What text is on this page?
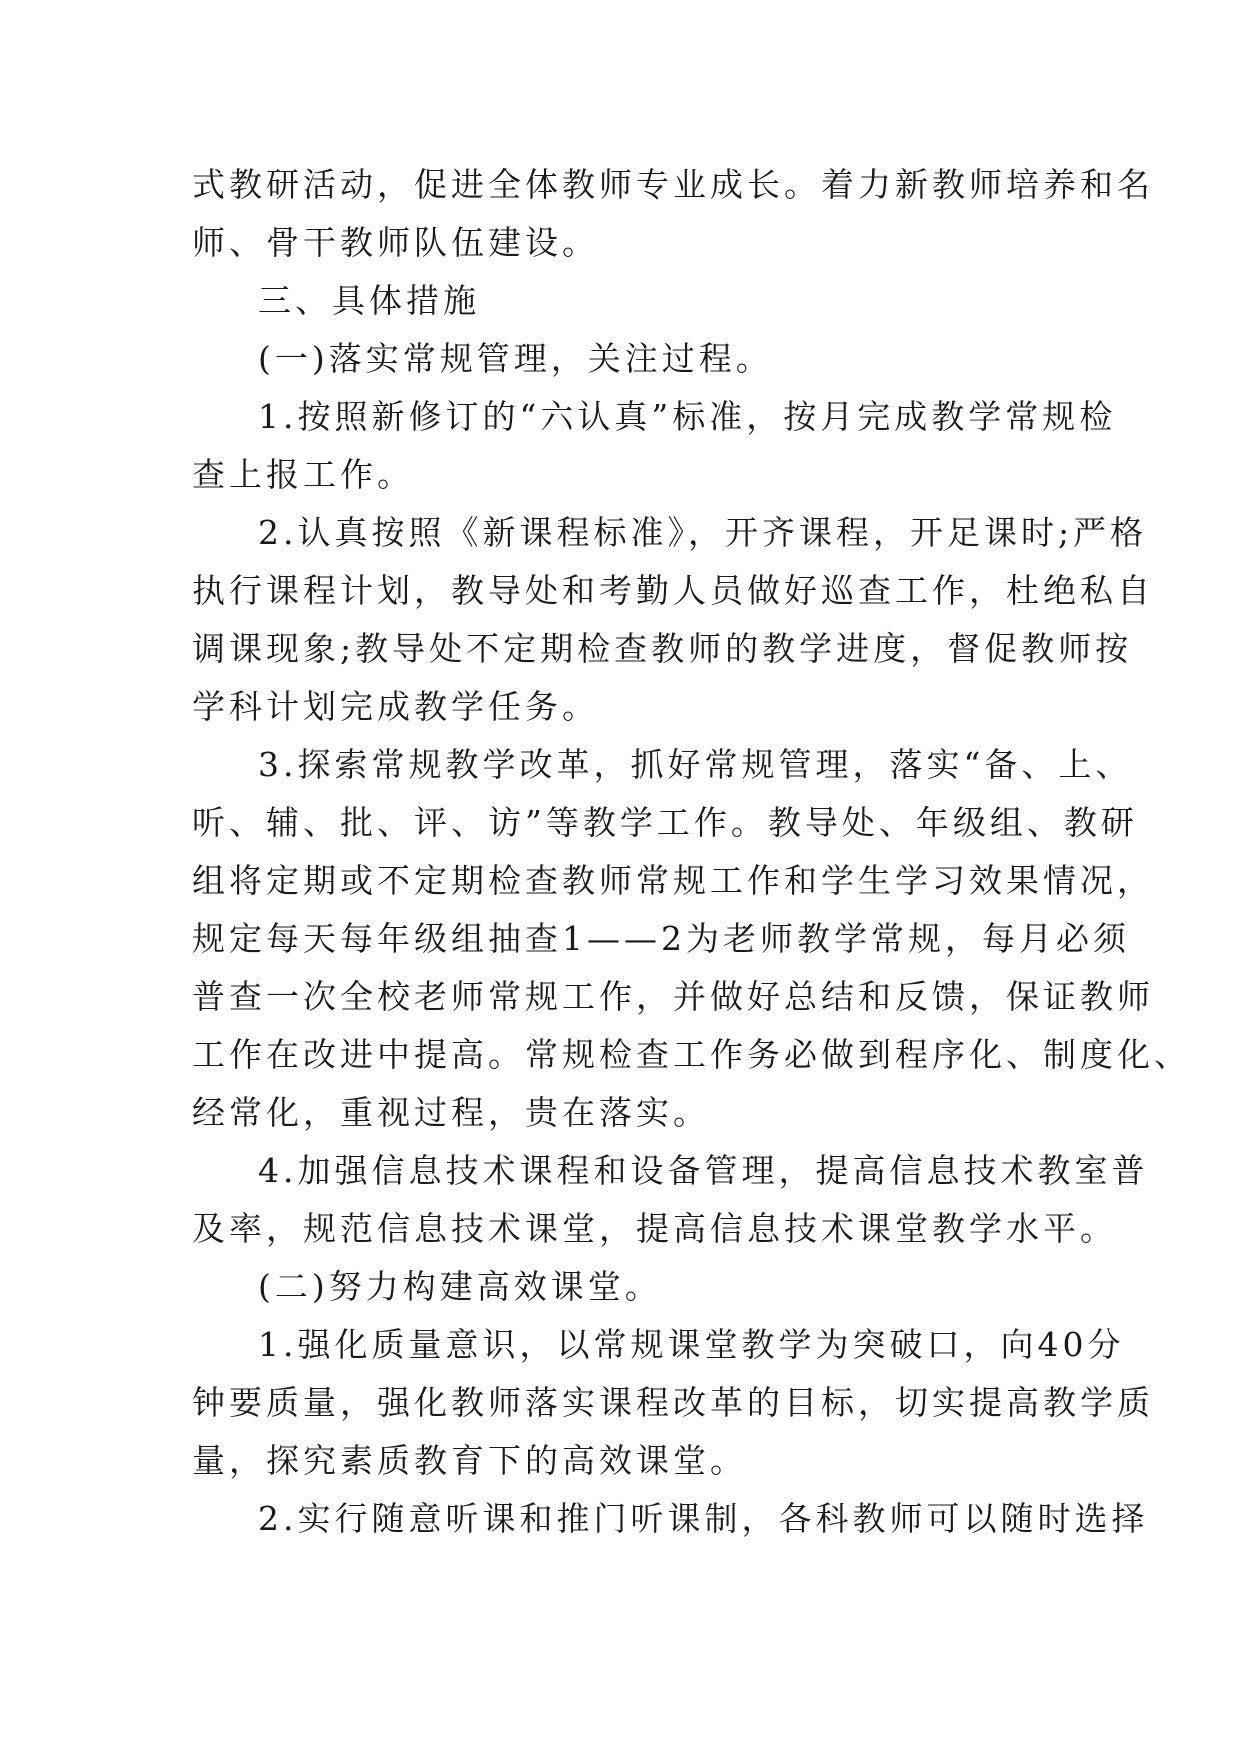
式教研活动，促进全体教师专业成长。着力新教师培养和名
师、骨干教师队伍建设。
三、具体措施
(一)落实常规管理，关注过程。
1.按照新修订的“六认真”标准，按月完成教学常规检
查上报工作。
2.认真按照《新课程标准》，开齐课程，开足课时;严格
执行课程计划，教导处和考勤人员做好巡查工作，杜绝私自
调课现象;教导处不定期检查教师的教学进度，督促教师按
学科计划完成教学任务。
3.探索常规教学改革，抓好常规管理，落实“备、上、
听、辅、批、评、访”等教学工作。教导处、年级组、教研
组将定期或不定期检查教师常规工作和学生学习效果情况，
规定每天每年级组抽查1——2为老师教学常规，每月必须
普查一次全校老师常规工作，并做好总结和反馈，保证教师
工作在改进中提高。常规检查工作务必做到程序化、制度化、
经常化，重视过程，贵在落实。
4.加强信息技术课程和设备管理，提高信息技术教室普
及率，规范信息技术课堂，提高信息技术课堂教学水平。
(二)努力构建高效课堂。
1.强化质量意识，以常规课堂教学为突破口，向40分
钟要质量，强化教师落实课程改革的目标，切实提高教学质
量，探究素质教育下的高效课堂。
2.实行随意听课和推门听课制，各科教师可以随时选择
